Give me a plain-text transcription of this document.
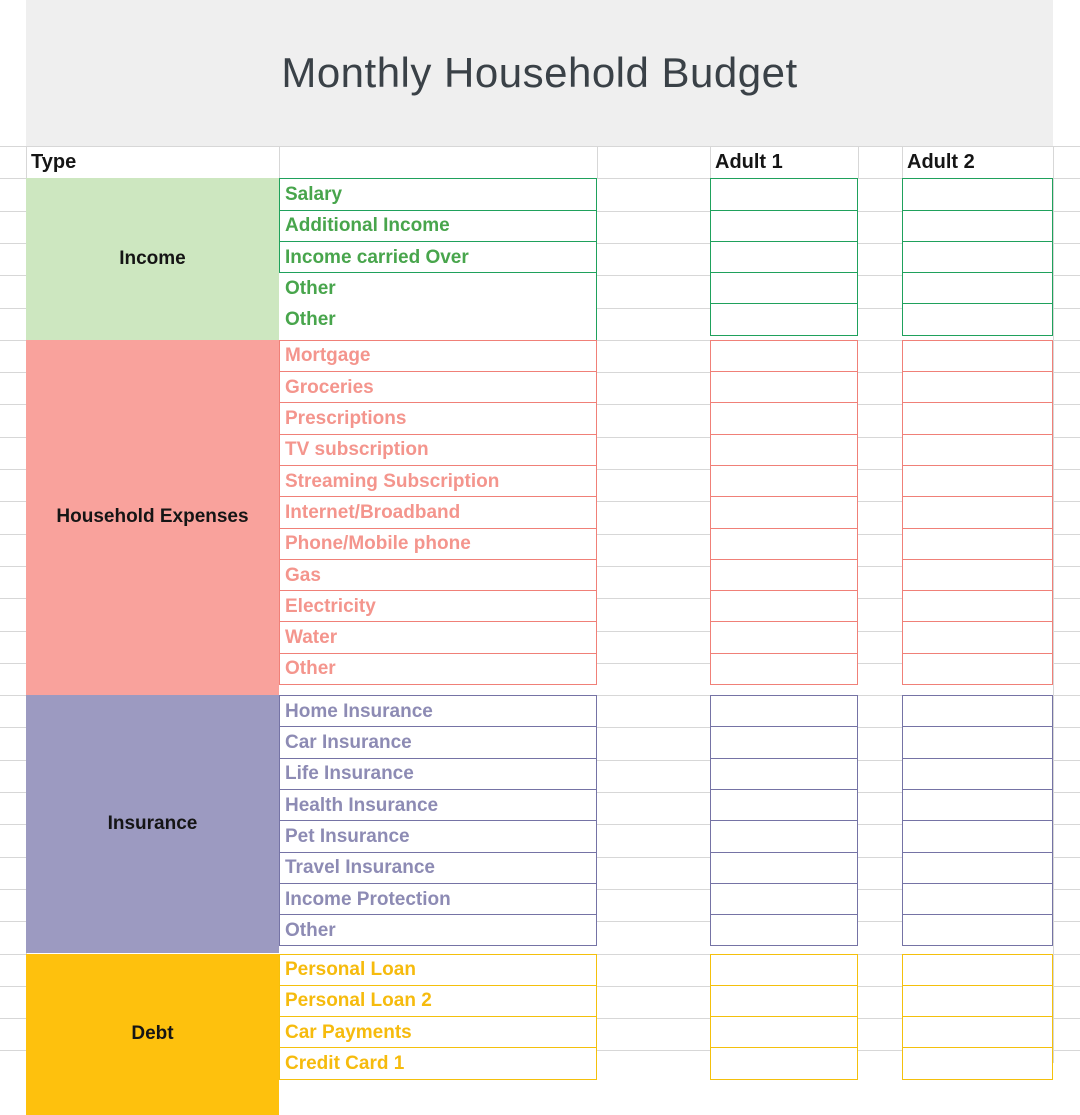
Monthly Household Budget
Type	Adult 1	Adult 2
Income
Salary
Additional Income
Income carried Over
Other
Other
Household Expenses
Mortgage
Groceries
Prescriptions
TV subscription
Streaming Subscription
Internet/Broadband
Phone/Mobile phone
Gas
Electricity
Water
Other
Insurance
Home Insurance
Car Insurance
Life Insurance
Health Insurance
Pet Insurance
Travel Insurance
Income Protection
Other
Debt
Personal Loan
Personal Loan 2
Car Payments
Credit Card 1
